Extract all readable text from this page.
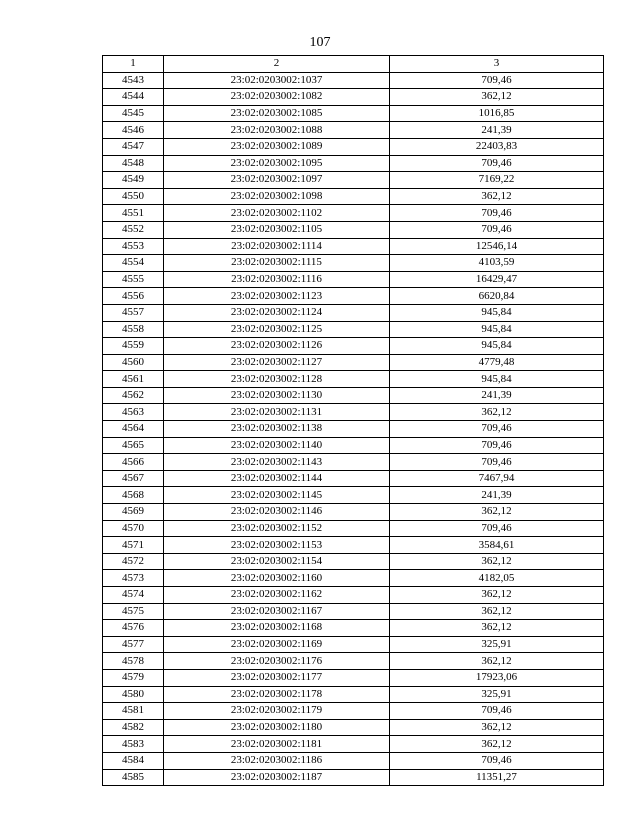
107
1	2	3
4543	23:02:0203002:1037	709,46
4544	23:02:0203002:1082	362,12
4545	23:02:0203002:1085	1016,85
4546	23:02:0203002:1088	241,39
4547	23:02:0203002:1089	22403,83
4548	23:02:0203002:1095	709,46
4549	23:02:0203002:1097	7169,22
4550	23:02:0203002:1098	362,12
4551	23:02:0203002:1102	709,46
4552	23:02:0203002:1105	709,46
4553	23:02:0203002:1114	12546,14
4554	23:02:0203002:1115	4103,59
4555	23:02:0203002:1116	16429,47
4556	23:02:0203002:1123	6620,84
4557	23:02:0203002:1124	945,84
4558	23:02:0203002:1125	945,84
4559	23:02:0203002:1126	945,84
4560	23:02:0203002:1127	4779,48
4561	23:02:0203002:1128	945,84
4562	23:02:0203002:1130	241,39
4563	23:02:0203002:1131	362,12
4564	23:02:0203002:1138	709,46
4565	23:02:0203002:1140	709,46
4566	23:02:0203002:1143	709,46
4567	23:02:0203002:1144	7467,94
4568	23:02:0203002:1145	241,39
4569	23:02:0203002:1146	362,12
4570	23:02:0203002:1152	709,46
4571	23:02:0203002:1153	3584,61
4572	23:02:0203002:1154	362,12
4573	23:02:0203002:1160	4182,05
4574	23:02:0203002:1162	362,12
4575	23:02:0203002:1167	362,12
4576	23:02:0203002:1168	362,12
4577	23:02:0203002:1169	325,91
4578	23:02:0203002:1176	362,12
4579	23:02:0203002:1177	17923,06
4580	23:02:0203002:1178	325,91
4581	23:02:0203002:1179	709,46
4582	23:02:0203002:1180	362,12
4583	23:02:0203002:1181	362,12
4584	23:02:0203002:1186	709,46
4585	23:02:0203002:1187	11351,27
